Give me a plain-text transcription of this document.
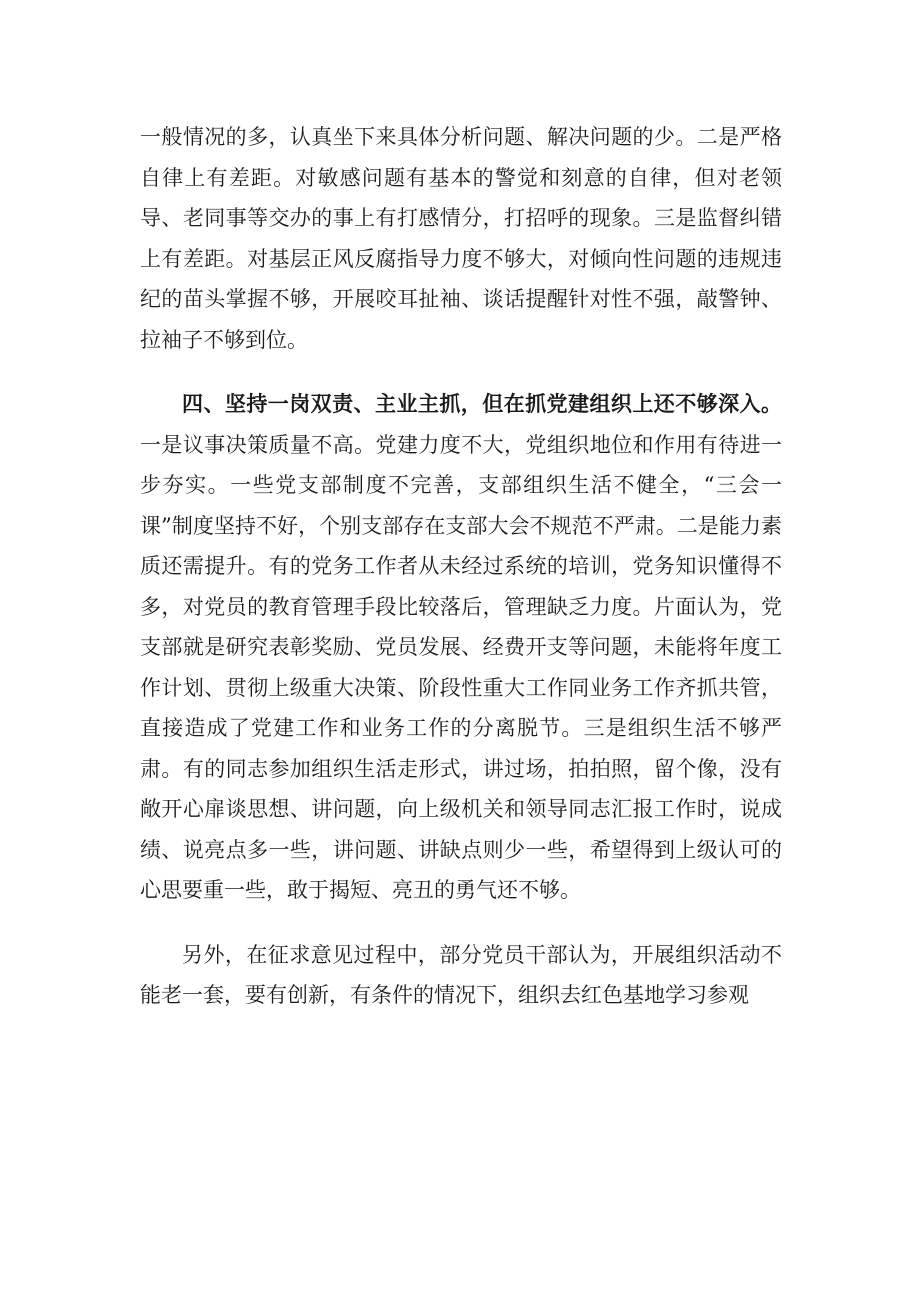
一般情况的多，认真坐下来具体分析问题、解决问题的少。二是严格自律上有差距。对敏感问题有基本的警觉和刻意的自律，但对老领导、老同事等交办的事上有打感情分，打招呼的现象。三是监督纠错上有差距。对基层正风反腐指导力度不够大，对倾向性问题的违规违纪的苗头掌握不够，开展咬耳扯袖、谈话提醒针对性不强，敲警钟、拉袖子不够到位。

四、坚持一岗双责、主业主抓，但在抓党建组织上还不够深入。一是议事决策质量不高。党建力度不大，党组织地位和作用有待进一步夯实。一些党支部制度不完善，支部组织生活不健全，“三会一课”制度坚持不好，个别支部存在支部大会不规范不严肃。二是能力素质还需提升。有的党务工作者从未经过系统的培训，党务知识懂得不多，对党员的教育管理手段比较落后，管理缺乏力度。片面认为，党支部就是研究表彰奖励、党员发展、经费开支等问题，未能将年度工作计划、贯彻上级重大决策、阶段性重大工作同业务工作齐抓共管，直接造成了党建工作和业务工作的分离脱节。三是组织生活不够严肃。有的同志参加组织生活走形式，讲过场，拍拍照，留个像，没有敞开心扉谈思想、讲问题，向上级机关和领导同志汇报工作时，说成绩、说亮点多一些，讲问题、讲缺点则少一些，希望得到上级认可的心思要重一些，敢于揭短、亮丑的勇气还不够。

另外，在征求意见过程中，部分党员干部认为，开展组织活动不能老一套，要有创新，有条件的情况下，组织去红色基地学习参观
